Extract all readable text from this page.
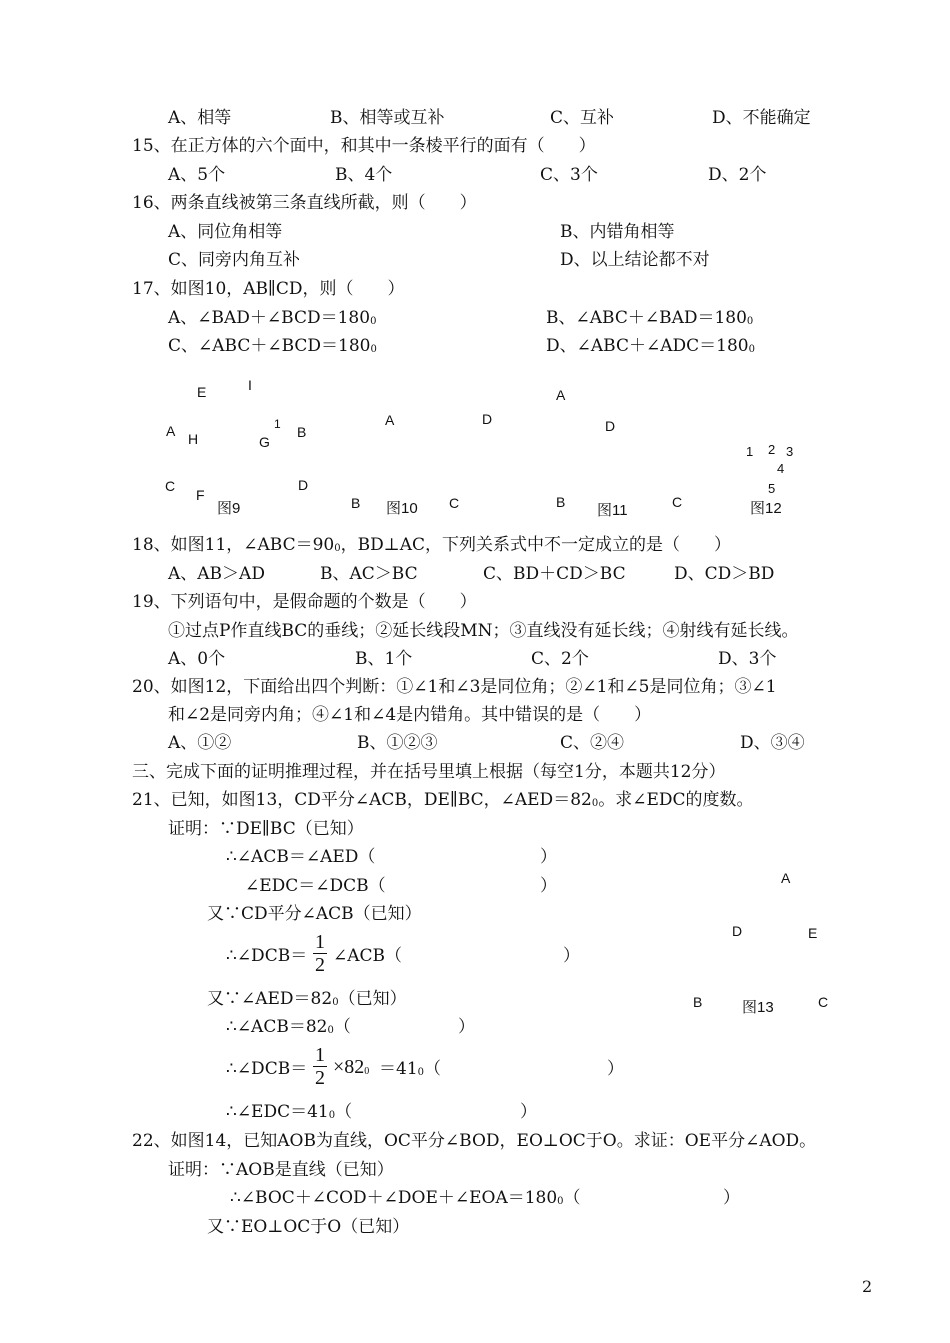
A、相等	B、相等或互补	C、互补	D、不能确定
15、在正方体的六个面中，和其中一条棱平行的面有（　　）
A、5个	B、4个	C、3个	D、2个
16、两条直线被第三条直线所截，则（　　）
A、同位角相等	B、内错角相等
C、同旁内角互补	D、以上结论都不对
17、如图10，AB∥CD，则（　　）
A、∠BAD＋∠BCD＝1800	B、∠ABC＋∠BAD＝1800
C、∠ABC＋∠BCD＝1800	D、∠ABC＋∠ADC＝1800
E	I
A H
1
G
B
C
F
D
图9
A	D
B	C
图10
A
D
B	C
图11
1 2 3
4
5
图12
18、如图11，∠ABC＝900，BD⊥AC，下列关系式中不一定成立的是（　　）
A、AB＞AD	B、AC＞BC	C、BD＋CD＞BC	D、CD＞BD
19、下列语句中，是假命题的个数是（　　）
①过点P作直线BC的垂线；②延长线段MN；③直线没有延长线；④射线有延长线。
A、0个	B、1个	C、2个	D、3个
20、如图12，下面给出四个判断：①∠1和∠3是同位角；②∠1和∠5是同位角；③∠1
和∠2是同旁内角；④∠1和∠4是内错角。其中错误的是（　　）
A、①②	B、①②③	C、②④	D、③④
三、完成下面的证明推理过程，并在括号里填上根据（每空1分，本题共12分）
21、已知，如图13，CD平分∠ACB，DE∥BC，∠AED＝820。求∠EDC的度数。
证明：∵DE∥BC（已知）
∴∠ACB＝∠AED（	）
∠EDC＝∠DCB（	）
又∵CD平分∠ACB（已知）
∴∠DCB＝
1
2 ∠ACB（	）
又∵∠AED＝820（已知）
∴∠ACB＝820（	）
∴∠DCB＝
1
2 ×820 ＝410（	）
∴∠EDC＝410（	）
A
D	E
B	C
图13
22、如图14，已知AOB为直线，OC平分∠BOD，EO⊥OC于O。求证：OE平分∠AOD。
证明：∵AOB是直线（已知）
∴∠BOC＋∠COD＋∠DOE＋∠EOA＝1800（	）
又∵EO⊥OC于O（已知）
2
